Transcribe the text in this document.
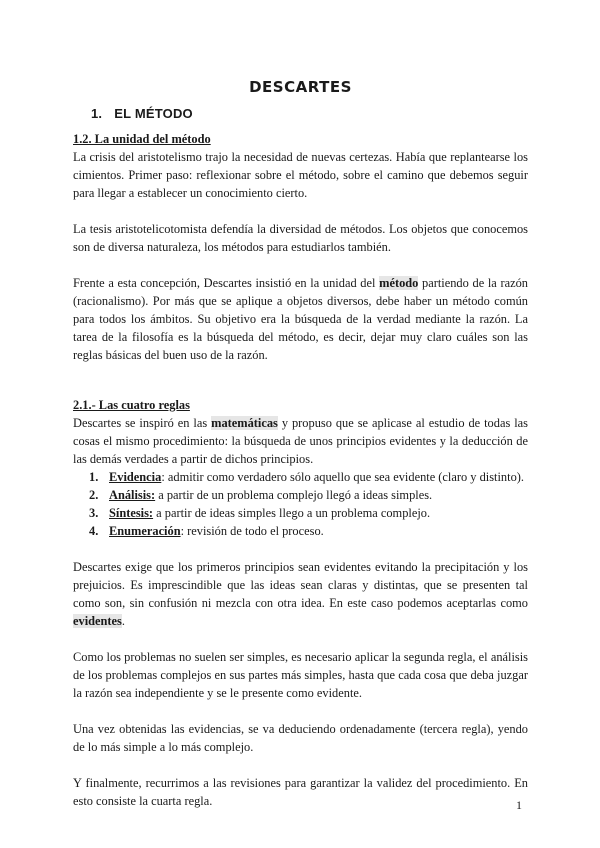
DESCARTES
1. EL MÉTODO

1.2. La unidad del método

La crisis del aristotelismo trajo la necesidad de nuevas certezas. Había que replantearse los cimientos. Primer paso: reflexionar sobre el método, sobre el camino que debemos seguir para llegar a establecer un conocimiento cierto.

La tesis aristotelicotomista defendía la diversidad de métodos. Los objetos que conocemos son de diversa naturaleza, los métodos para estudiarlos también.

Frente a esta concepción, Descartes insistió en la unidad del método partiendo de la razón (racionalismo). Por más que se aplique a objetos diversos, debe haber un método común para todos los ámbitos. Su objetivo era la búsqueda de la verdad mediante la razón. La tarea de la filosofía es la búsqueda del método, es decir, dejar muy claro cuáles son las reglas básicas del buen uso de la razón.

2.1.- Las cuatro reglas

Descartes se inspiró en las matemáticas y propuso que se aplicase al estudio de todas las cosas el mismo procedimiento: la búsqueda de unos principios evidentes y la deducción de las demás verdades a partir de dichos principios.

1. Evidencia: admitir como verdadero sólo aquello que sea evidente (claro y distinto).
2. Análisis: a partir de un problema complejo llegó a ideas simples.
3. Síntesis: a partir de ideas simples llego a un problema complejo.
4. Enumeración: revisión de todo el proceso.

Descartes exige que los primeros principios sean evidentes evitando la precipitación y los prejuicios. Es imprescindible que las ideas sean claras y distintas, que se presenten tal como son, sin confusión ni mezcla con otra idea. En este caso podemos aceptarlas como evidentes.

Como los problemas no suelen ser simples, es necesario aplicar la segunda regla, el análisis de los problemas complejos en sus partes más simples, hasta que cada cosa que deba juzgar la razón sea independiente y se le presente como evidente.

Una vez obtenidas las evidencias, se va deduciendo ordenadamente (tercera regla), yendo de lo más simple a lo más complejo.

Y finalmente, recurrimos a las revisiones para garantizar la validez del procedimiento. En esto consiste la cuarta regla.	1
